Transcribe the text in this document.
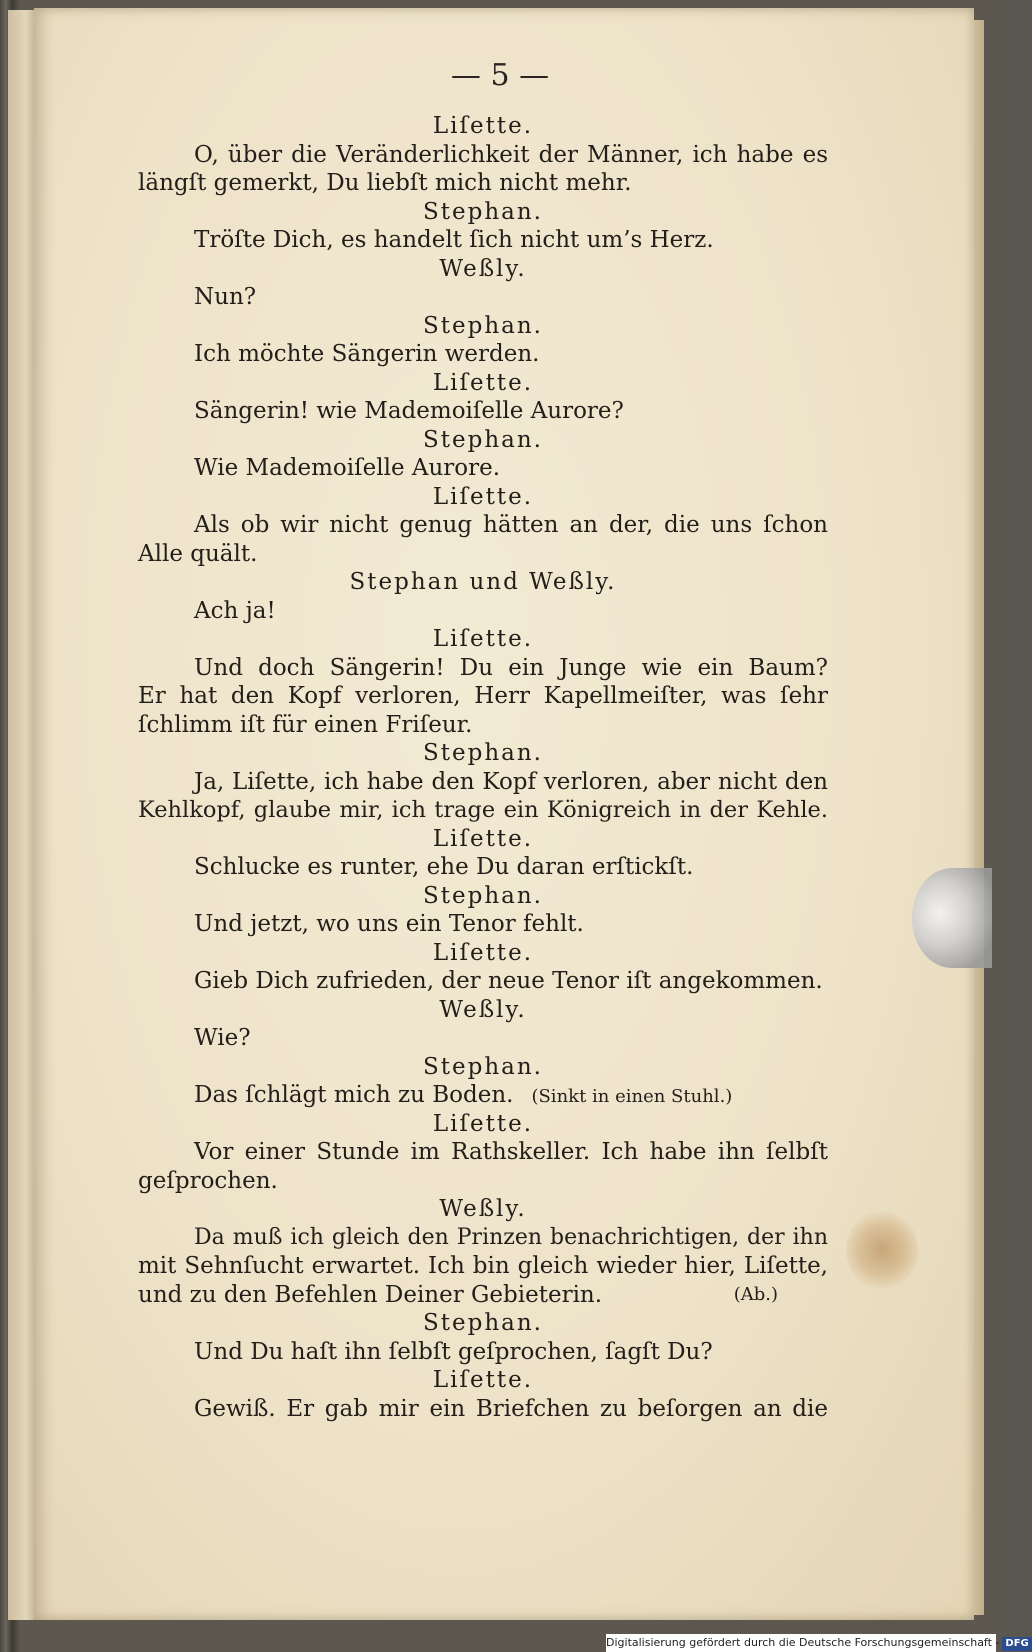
— 5 —
Liſette.
O, über die Veränderlichkeit der Männer, ich habe es
längſt gemerkt, Du liebſt mich nicht mehr.
Stephan.
Tröſte Dich, es handelt ſich nicht um’s Herz.
Weßly.
Nun?
Stephan.
Ich möchte Sängerin werden.
Liſette.
Sängerin! wie Mademoiſelle Aurore?
Stephan.
Wie Mademoiſelle Aurore.
Liſette.
Als ob wir nicht genug hätten an der, die uns ſchon
Alle quält.
Stephan und Weßly.
Ach ja!
Liſette.
Und doch Sängerin! Du ein Junge wie ein Baum?
Er hat den Kopf verloren, Herr Kapellmeiſter, was ſehr
ſchlimm iſt für einen Friſeur.
Stephan.
Ja, Liſette, ich habe den Kopf verloren, aber nicht den
Kehlkopf, glaube mir, ich trage ein Königreich in der Kehle.
Liſette.
Schlucke es runter, ehe Du daran erſtickſt.
Stephan.
Und jetzt, wo uns ein Tenor fehlt.
Liſette.
Gieb Dich zufrieden, der neue Tenor iſt angekommen.
Weßly.
Wie?
Stephan.
Das ſchlägt mich zu Boden. (Sinkt in einen Stuhl.)
Liſette.
Vor einer Stunde im Rathskeller. Ich habe ihn ſelbſt
geſprochen.
Weßly.
Da muß ich gleich den Prinzen benachrichtigen, der ihn
mit Sehnſucht erwartet. Ich bin gleich wieder hier, Liſette,
und zu den Befehlen Deiner Gebieterin.	(Ab.)
Stephan.
Und Du haſt ihn ſelbſt geſprochen, ſagſt Du?
Liſette.
Gewiß. Er gab mir ein Briefchen zu beſorgen an die
Digitalisierung gefördert durch die Deutsche Forschungsgemeinschaft - DFG
